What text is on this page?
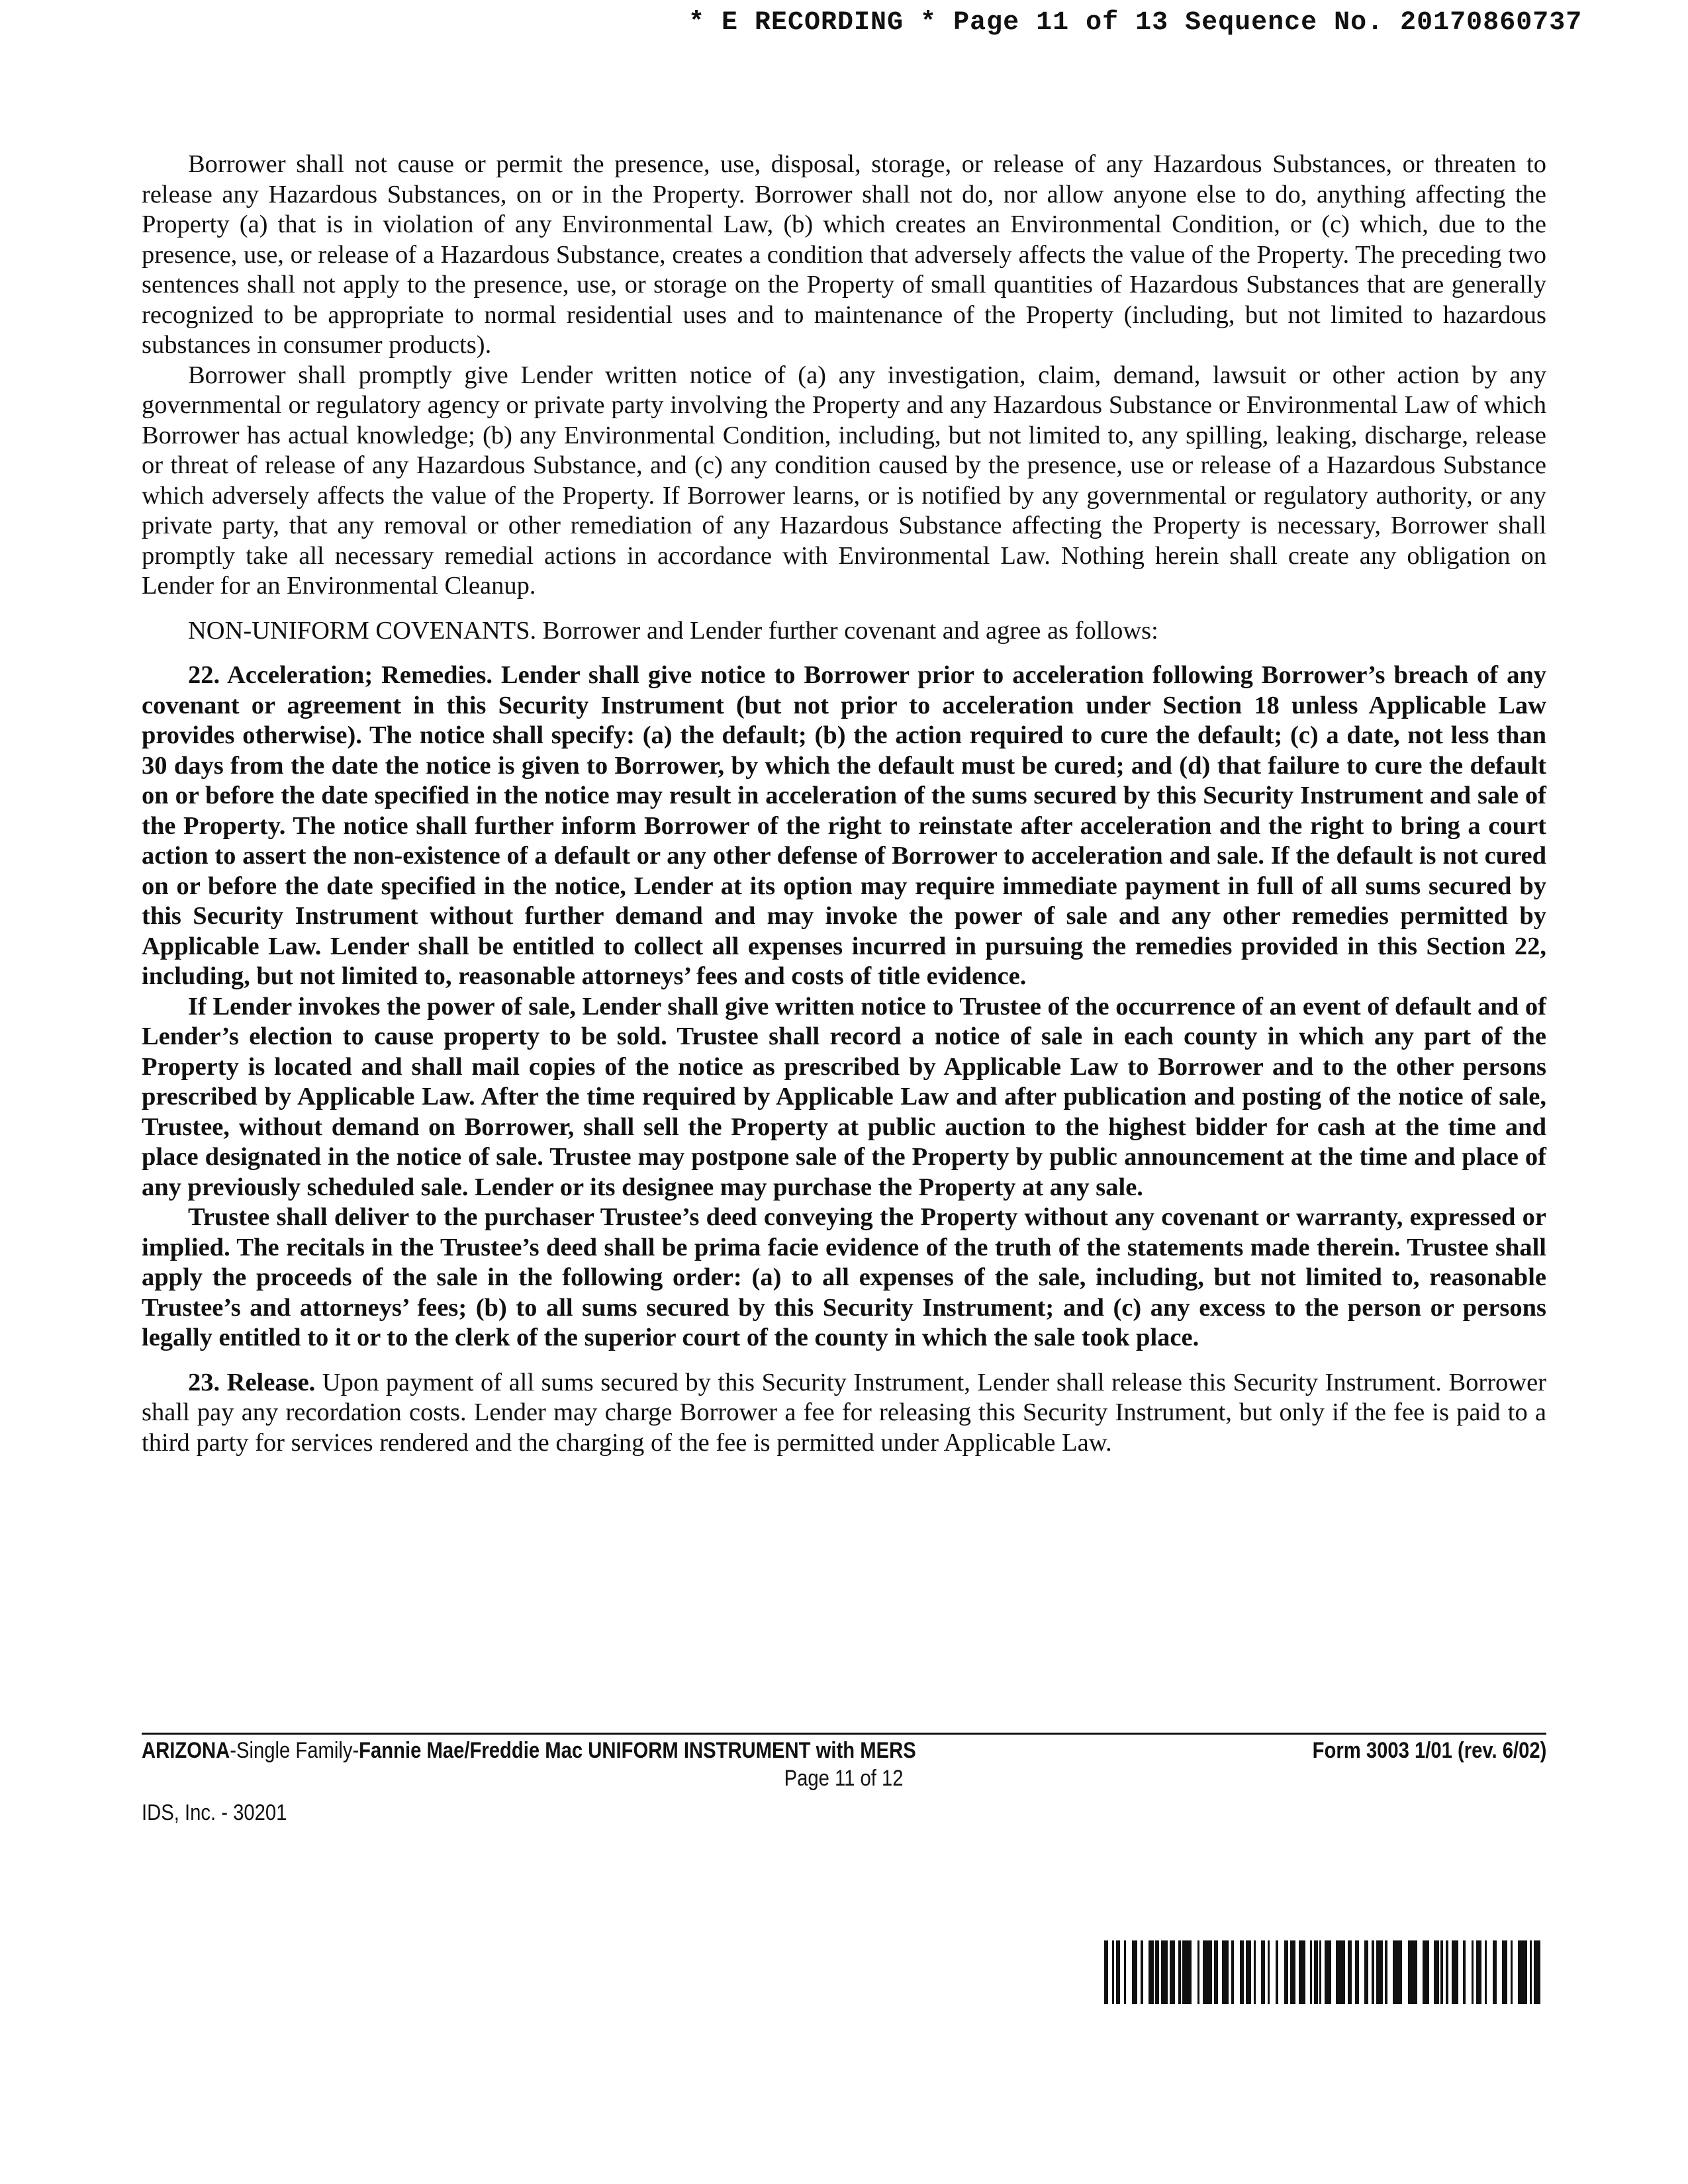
* E RECORDING * Page 11 of 13 Sequence No. 20170860737

Borrower shall not cause or permit the presence, use, disposal, storage, or release of any Hazardous Substances, or threaten to release any Hazardous Substances, on or in the Property. Borrower shall not do, nor allow anyone else to do, anything affecting the Property (a) that is in violation of any Environmental Law, (b) which creates an Environmental Condition, or (c) which, due to the presence, use, or release of a Hazardous Substance, creates a condition that adversely affects the value of the Property. The preceding two sentences shall not apply to the presence, use, or storage on the Property of small quantities of Hazardous Substances that are generally recognized to be appropriate to normal residential uses and to maintenance of the Property (including, but not limited to hazardous substances in consumer products).

Borrower shall promptly give Lender written notice of (a) any investigation, claim, demand, lawsuit or other action by any governmental or regulatory agency or private party involving the Property and any Hazardous Substance or Environmental Law of which Borrower has actual knowledge; (b) any Environmental Condition, including, but not limited to, any spilling, leaking, discharge, release or threat of release of any Hazardous Substance, and (c) any condition caused by the presence, use or release of a Hazardous Substance which adversely affects the value of the Property. If Borrower learns, or is notified by any governmental or regulatory authority, or any private party, that any removal or other remediation of any Hazardous Substance affecting the Property is necessary, Borrower shall promptly take all necessary remedial actions in accordance with Environmental Law. Nothing herein shall create any obligation on Lender for an Environmental Cleanup.

NON-UNIFORM COVENANTS. Borrower and Lender further covenant and agree as follows:

22. Acceleration; Remedies. Lender shall give notice to Borrower prior to acceleration following Borrower’s breach of any covenant or agreement in this Security Instrument (but not prior to acceleration under Section 18 unless Applicable Law provides otherwise). The notice shall specify: (a) the default; (b) the action required to cure the default; (c) a date, not less than 30 days from the date the notice is given to Borrower, by which the default must be cured; and (d) that failure to cure the default on or before the date specified in the notice may result in acceleration of the sums secured by this Security Instrument and sale of the Property. The notice shall further inform Borrower of the right to reinstate after acceleration and the right to bring a court action to assert the non-existence of a default or any other defense of Borrower to acceleration and sale. If the default is not cured on or before the date specified in the notice, Lender at its option may require immediate payment in full of all sums secured by this Security Instrument without further demand and may invoke the power of sale and any other remedies permitted by Applicable Law. Lender shall be entitled to collect all expenses incurred in pursuing the remedies provided in this Section 22, including, but not limited to, reasonable attorneys’ fees and costs of title evidence.

If Lender invokes the power of sale, Lender shall give written notice to Trustee of the occurrence of an event of default and of Lender’s election to cause property to be sold. Trustee shall record a notice of sale in each county in which any part of the Property is located and shall mail copies of the notice as prescribed by Applicable Law to Borrower and to the other persons prescribed by Applicable Law. After the time required by Applicable Law and after publication and posting of the notice of sale, Trustee, without demand on Borrower, shall sell the Property at public auction to the highest bidder for cash at the time and place designated in the notice of sale. Trustee may postpone sale of the Property by public announcement at the time and place of any previously scheduled sale. Lender or its designee may purchase the Property at any sale.

Trustee shall deliver to the purchaser Trustee’s deed conveying the Property without any covenant or warranty, expressed or implied. The recitals in the Trustee’s deed shall be prima facie evidence of the truth of the statements made therein. Trustee shall apply the proceeds of the sale in the following order: (a) to all expenses of the sale, including, but not limited to, reasonable Trustee’s and attorneys’ fees; (b) to all sums secured by this Security Instrument; and (c) any excess to the person or persons legally entitled to it or to the clerk of the superior court of the county in which the sale took place.

23. Release. Upon payment of all sums secured by this Security Instrument, Lender shall release this Security Instrument. Borrower shall pay any recordation costs. Lender may charge Borrower a fee for releasing this Security Instrument, but only if the fee is paid to a third party for services rendered and the charging of the fee is permitted under Applicable Law.

ARIZONA-Single Family-Fannie Mae/Freddie Mac UNIFORM INSTRUMENT with MERS	Form 3003 1/01 (rev. 6/02)
Page 11 of 12
IDS, Inc. - 30201
